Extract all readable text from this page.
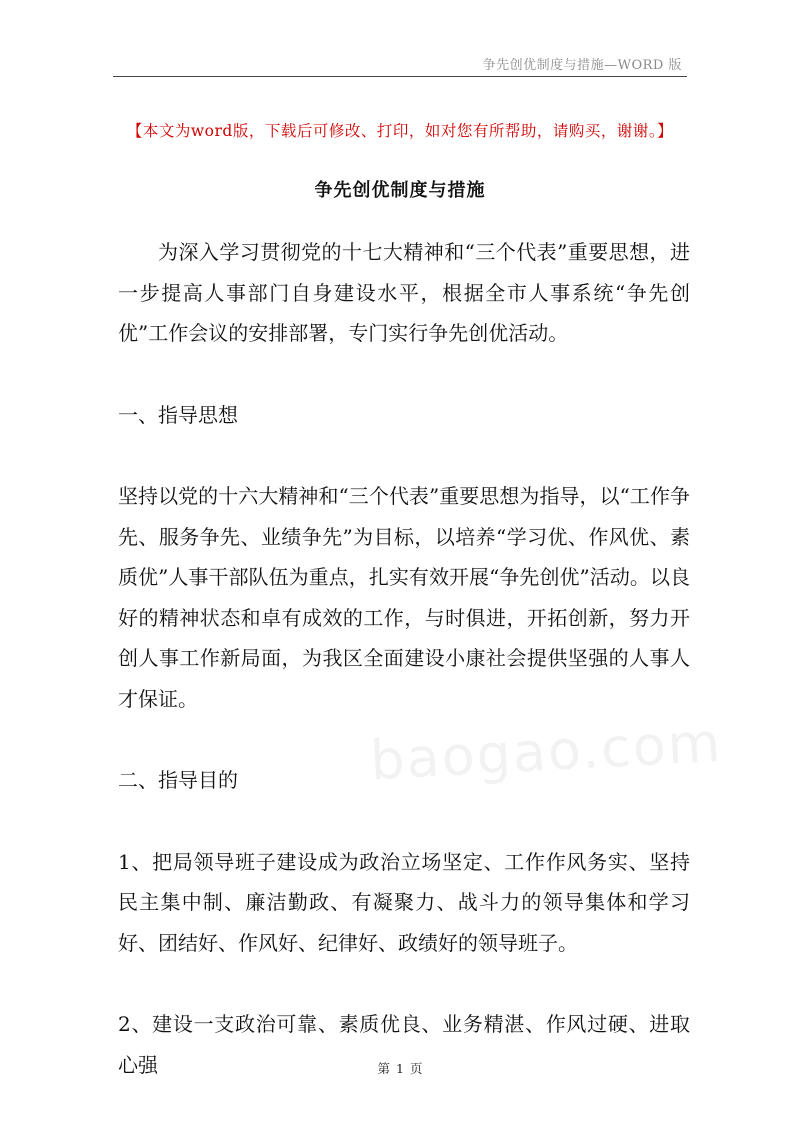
争先创优制度与措施—WORD 版
【本文为word版，下载后可修改、打印，如对您有所帮助，请购买，谢谢。】
争先创优制度与措施

为深入学习贯彻党的十七大精神和“三个代表”重要思想，进一步提高人事部门自身建设水平，根据全市人事系统“争先创优”工作会议的安排部署，专门实行争先创优活动。

一、指导思想

坚持以党的十六大精神和“三个代表”重要思想为指导，以“工作争先、服务争先、业绩争先”为目标，以培养“学习优、作风优、素质优”人事干部队伍为重点，扎实有效开展“争先创优”活动。以良好的精神状态和卓有成效的工作，与时俱进，开拓创新，努力开创人事工作新局面，为我区全面建设小康社会提供坚强的人事人才保证。

二、指导目的

1、把局领导班子建设成为政治立场坚定、工作作风务实、坚持民主集中制、廉洁勤政、有凝聚力、战斗力的领导集体和学习好、团结好、作风好、纪律好、政绩好的领导班子。

2、建设一支政治可靠、素质优良、业务精湛、作风过硬、进取心强

baogao.com
第 1 页
